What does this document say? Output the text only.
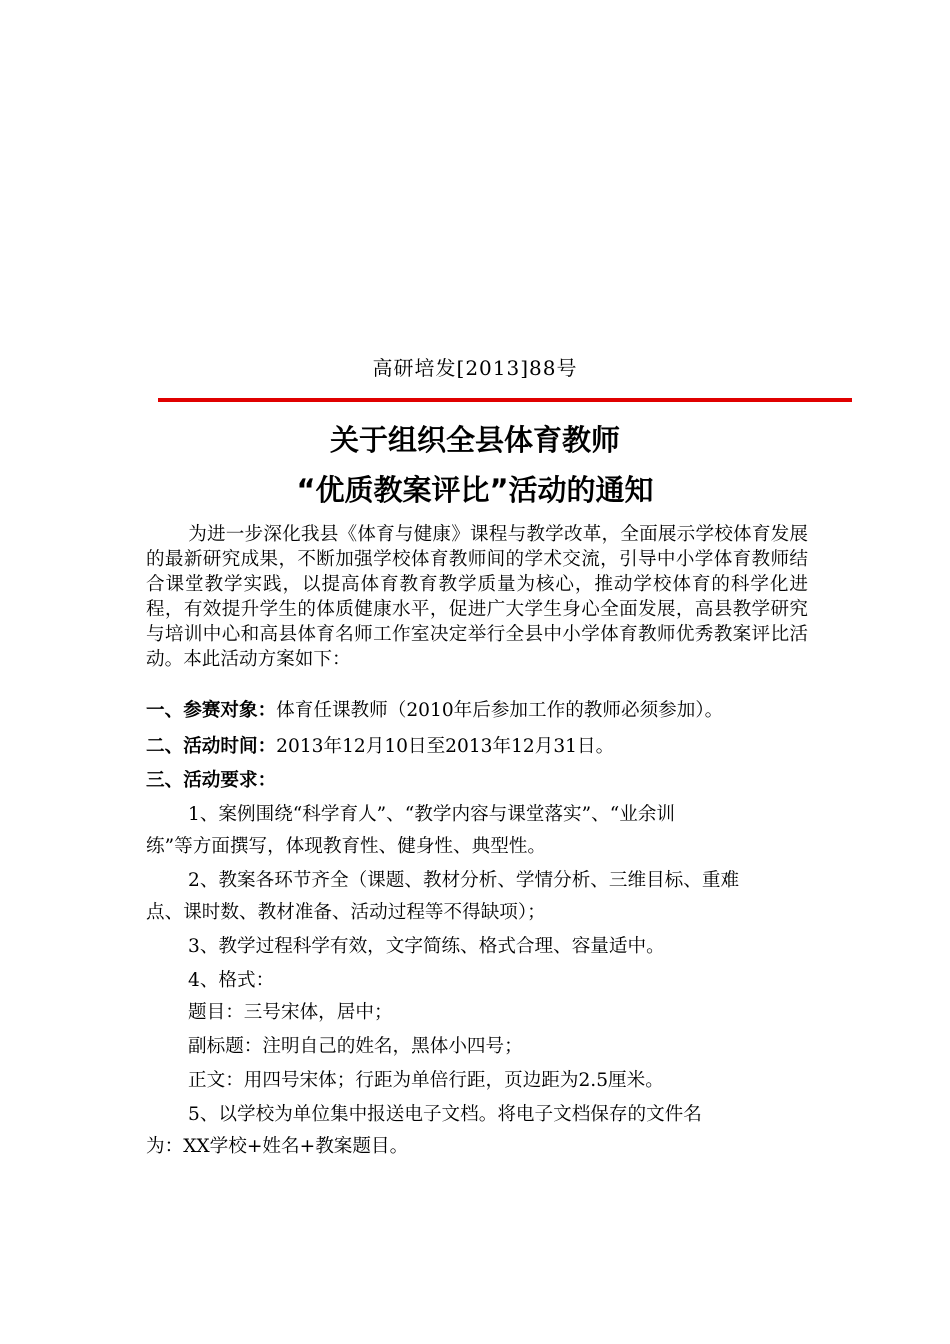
高研培发[2013]88号
关于组织全县体育教师
“优质教案评比”活动的通知
为进一步深化我县《体育与健康》课程与教学改革，全面展示学校体育发展的最新研究成果，不断加强学校体育教师间的学术交流，引导中小学体育教师结合课堂教学实践，以提高体育教育教学质量为核心，推动学校体育的科学化进程，有效提升学生的体质健康水平，促进广大学生身心全面发展，高县教学研究与培训中心和高县体育名师工作室决定举行全县中小学体育教师优秀教案评比活动。本此活动方案如下：
一、参赛对象：体育任课教师（2010年后参加工作的教师必须参加）。
二、活动时间：2013年12月10日至2013年12月31日。
三、活动要求：
1、案例围绕“科学育人”、“教学内容与课堂落实”、“业余训
练”等方面撰写，体现教育性、健身性、典型性。
2、教案各环节齐全（课题、教材分析、学情分析、三维目标、重难
点、课时数、教材准备、活动过程等不得缺项）；
3、教学过程科学有效，文字简练、格式合理、容量适中。
4、格式：
题目：三号宋体，居中；
副标题：注明自己的姓名，黑体小四号；
正文：用四号宋体；行距为单倍行距，页边距为2.5厘米。
5、以学校为单位集中报送电子文档。将电子文档保存的文件名
为：XX学校+姓名+教案题目。
